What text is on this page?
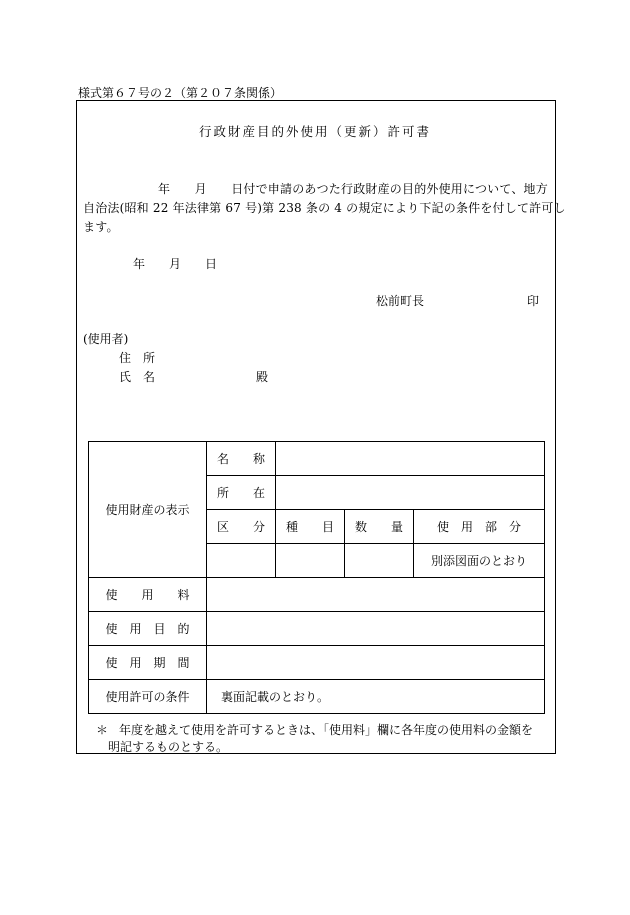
様式第６７号の２（第２０７条関係）
行政財産目的外使用（更新）許可書
年　　月　　日付で申請のあつた行政財産の目的外使用について、地方
自治法(昭和 22 年法律第 67 号)第 238 条の 4 の規定により下記の条件を付して許可し
ます。
年　　月　　日
松前町長	印
(使用者)
住　所
氏　名	殿
使用財産の表示	名　　称			
	所　　在			
	区　　分	種　　目	数　　量	使　用　部　分
				別添図面のとおり
使　　用　　料				
使　用　目　的				
使　用　期　間				
使用許可の条件	裏面記載のとおり。			
＊ 年度を越えて使用を許可するときは、「使用料」欄に各年度の使用料の金額を
明記するものとする。
